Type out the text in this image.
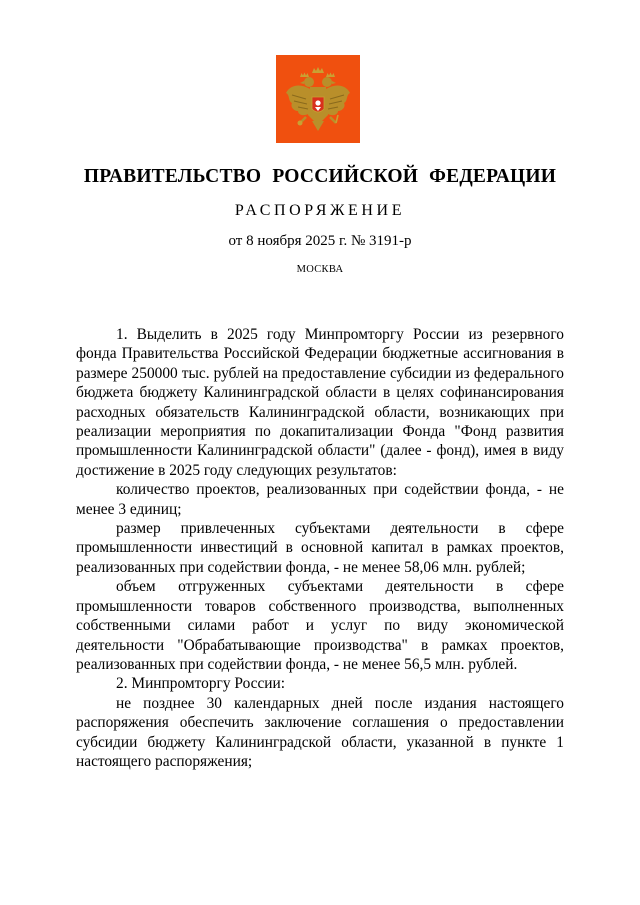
ПРАВИТЕЛЬСТВО РОССИЙСКОЙ ФЕДЕРАЦИИ
РАСПОРЯЖЕНИЕ
от 8 ноября 2025 г. № 3191-р
МОСКВА

1. Выделить в 2025 году Минпромторгу России из резервного фонда Правительства Российской Федерации бюджетные ассигнования в размере 250000 тыс. рублей на предоставление субсидии из федерального бюджета бюджету Калининградской области в целях софинансирования расходных обязательств Калининградской области, возникающих при реализации мероприятия по докапитализации Фонда "Фонд развития промышленности Калининградской области" (далее - фонд), имея в виду достижение в 2025 году следующих результатов:

количество проектов, реализованных при содействии фонда, - не менее 3 единиц;

размер привлеченных субъектами деятельности в сфере промышленности инвестиций в основной капитал в рамках проектов, реализованных при содействии фонда, - не менее 58,06 млн. рублей;

объем отгруженных субъектами деятельности в сфере промышленности товаров собственного производства, выполненных собственными силами работ и услуг по виду экономической деятельности "Обрабатывающие производства" в рамках проектов, реализованных при содействии фонда, - не менее 56,5 млн. рублей.

2. Минпромторгу России:

не позднее 30 календарных дней после издания настоящего распоряжения обеспечить заключение соглашения о предоставлении субсидии бюджету Калининградской области, указанной в пункте 1 настоящего распоряжения;
